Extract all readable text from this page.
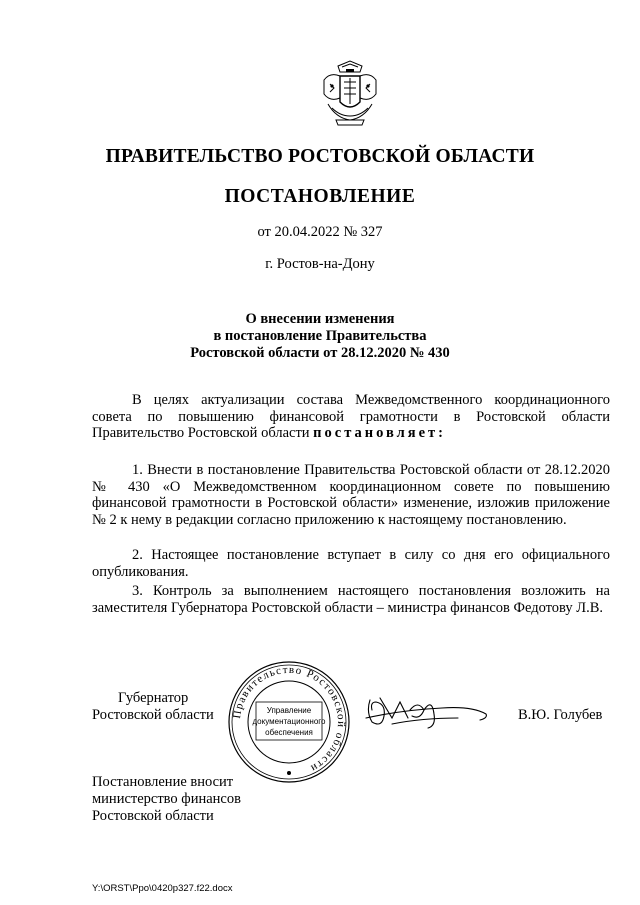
ПРАВИТЕЛЬСТВО РОСТОВСКОЙ ОБЛАСТИ
ПОСТАНОВЛЕНИЕ
от 20.04.2022 № 327
г. Ростов-на-Дону
О внесении изменения
в постановление Правительства
Ростовской области от 28.12.2020 № 430
В целях актуализации состава Межведомственного координационного совета по повышению финансовой грамотности в Ростовской области Правительство Ростовской области постановляет:
1. Внести в постановление Правительства Ростовской области от 28.12.2020 № 430 «О Межведомственном координационном совете по повышению финансовой грамотности в Ростовской области» изменение, изложив приложение № 2 к нему в редакции согласно приложению к настоящему постановлению.
2. Настоящее постановление вступает в силу со дня его официального опубликования.
3. Контроль за выполнением настоящего постановления возложить на заместителя Губернатора Ростовской области – министра финансов Федотову Л.В.
Губернатор
Ростовской области	В.Ю. Голубев
Правительство Ростовской области
Управление
документационного
обеспечения
Постановление вносит
министерство финансов
Ростовской области
Y:\ORST\Ppo\0420p327.f22.docx
